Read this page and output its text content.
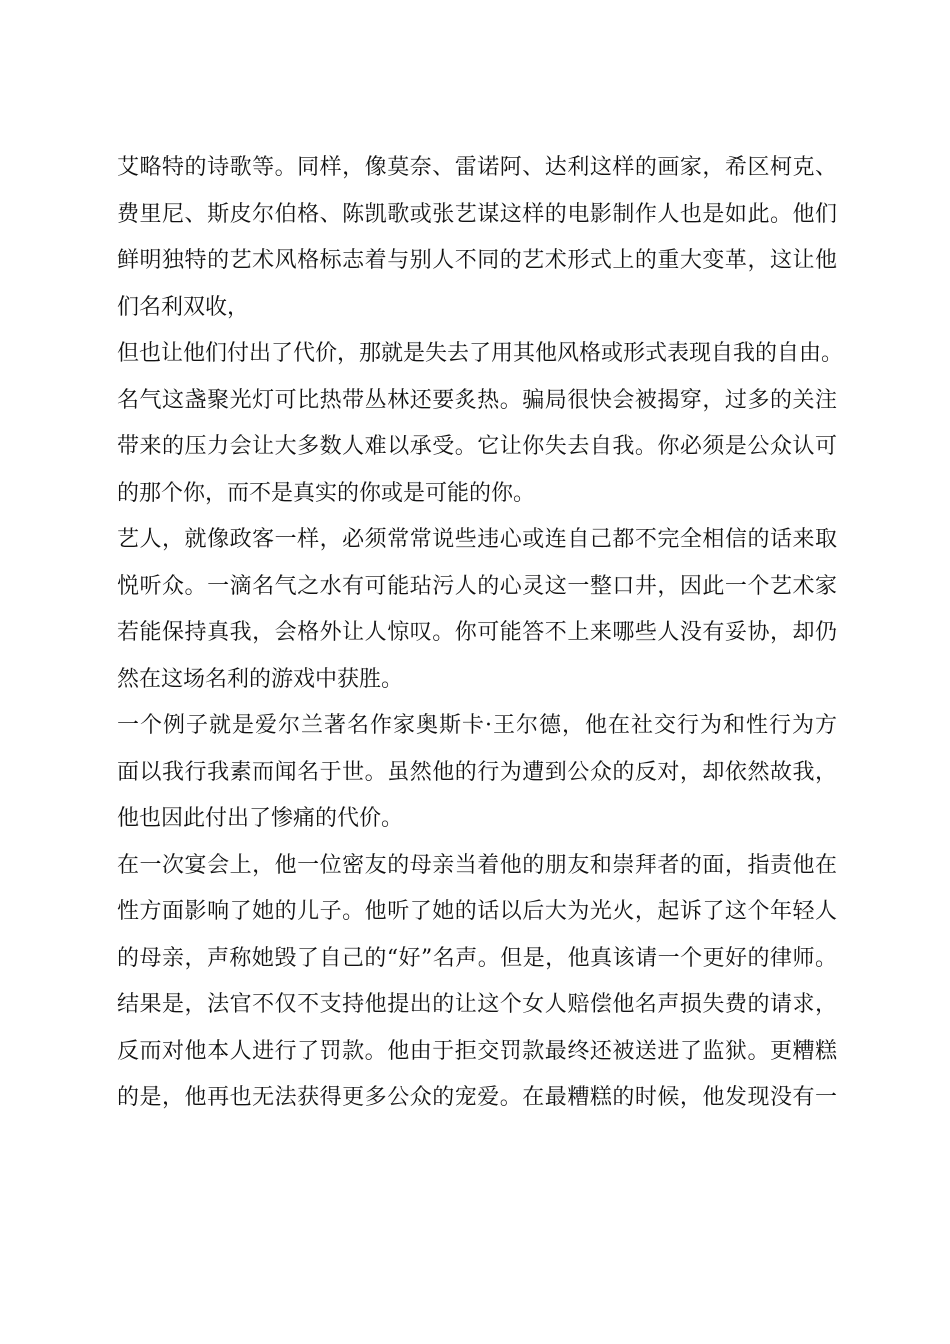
艾略特的诗歌等。同样，像莫奈、雷诺阿、达利这样的画家，希区柯克、
费里尼、斯皮尔伯格、陈凯歌或张艺谋这样的电影制作人也是如此。他们
鲜明独特的艺术风格标志着与别人不同的艺术形式上的重大变革，这让他
们名利双收，
但也让他们付出了代价，那就是失去了用其他风格或形式表现自我的自由。
名气这盏聚光灯可比热带丛林还要炙热。骗局很快会被揭穿，过多的关注
带来的压力会让大多数人难以承受。它让你失去自我。你必须是公众认可
的那个你，而不是真实的你或是可能的你。
艺人，就像政客一样，必须常常说些违心或连自己都不完全相信的话来取
悦听众。一滴名气之水有可能玷污人的心灵这一整口井，因此一个艺术家
若能保持真我，会格外让人惊叹。你可能答不上来哪些人没有妥协，却仍
然在这场名利的游戏中获胜。
一个例子就是爱尔兰著名作家奥斯卡·王尔德，他在社交行为和性行为方
面以我行我素而闻名于世。虽然他的行为遭到公众的反对，却依然故我，
他也因此付出了惨痛的代价。
在一次宴会上，他一位密友的母亲当着他的朋友和崇拜者的面，指责他在
性方面影响了她的儿子。他听了她的话以后大为光火，起诉了这个年轻人
的母亲，声称她毁了自己的“好”名声。但是，他真该请一个更好的律师。
结果是，法官不仅不支持他提出的让这个女人赔偿他名声损失费的请求，
反而对他本人进行了罚款。他由于拒交罚款最终还被送进了监狱。更糟糕
的是，他再也无法获得更多公众的宠爱。在最糟糕的时候，他发现没有一
